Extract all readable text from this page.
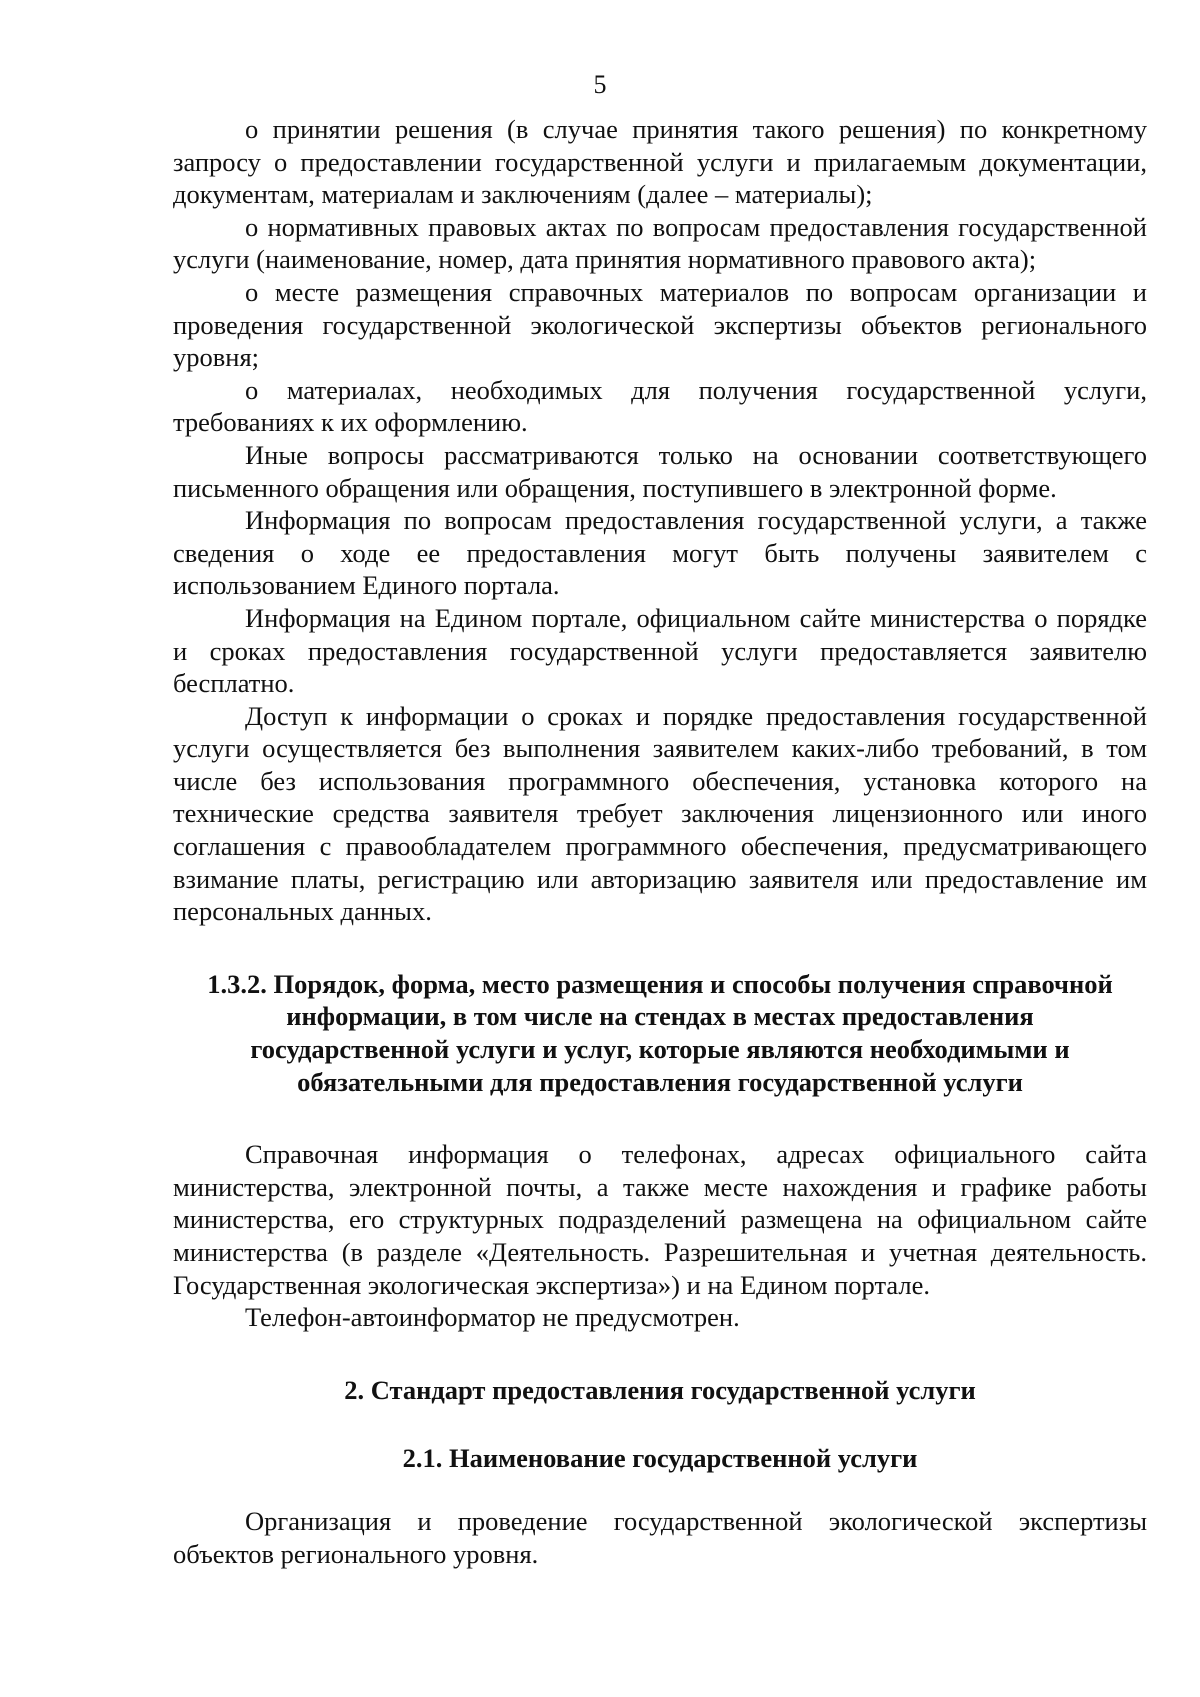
5

о принятии решения (в случае принятия такого решения) по конкретному запросу о предоставлении государственной услуги и прилагаемым документации, документам, материалам и заключениям (далее – материалы);

о нормативных правовых актах по вопросам предоставления государственной услуги (наименование, номер, дата принятия нормативного правового акта);

о месте размещения справочных материалов по вопросам организации и проведения государственной экологической экспертизы объектов регионального уровня;

о материалах, необходимых для получения государственной услуги, требованиях к их оформлению.

Иные вопросы рассматриваются только на основании соответствующего письменного обращения или обращения, поступившего в электронной форме.

Информация по вопросам предоставления государственной услуги, а также сведения о ходе ее предоставления могут быть получены заявителем с использованием Единого портала.

Информация на Едином портале, официальном сайте министерства о порядке и сроках предоставления государственной услуги предоставляется заявителю бесплатно.

Доступ к информации о сроках и порядке предоставления государственной услуги осуществляется без выполнения заявителем каких-либо требований, в том числе без использования программного обеспечения, установка которого на технические средства заявителя требует заключения лицензионного или иного соглашения с правообладателем программного обеспечения, предусматривающего взимание платы, регистрацию или авторизацию заявителя или предоставление им персональных данных.

1.3.2. Порядок, форма, место размещения и способы получения справочной информации, в том числе на стендах в местах предоставления государственной услуги и услуг, которые являются необходимыми и обязательными для предоставления государственной услуги

Справочная информация о телефонах, адресах официального сайта министерства, электронной почты, а также месте нахождения и графике работы министерства, его структурных подразделений размещена на официальном сайте министерства (в разделе «Деятельность. Разрешительная и учетная деятельность. Государственная экологическая экспертиза») и на Едином портале.

Телефон-автоинформатор не предусмотрен.

2. Стандарт предоставления государственной услуги
2.1. Наименование государственной услуги

Организация и проведение государственной экологической экспертизы объектов регионального уровня.
